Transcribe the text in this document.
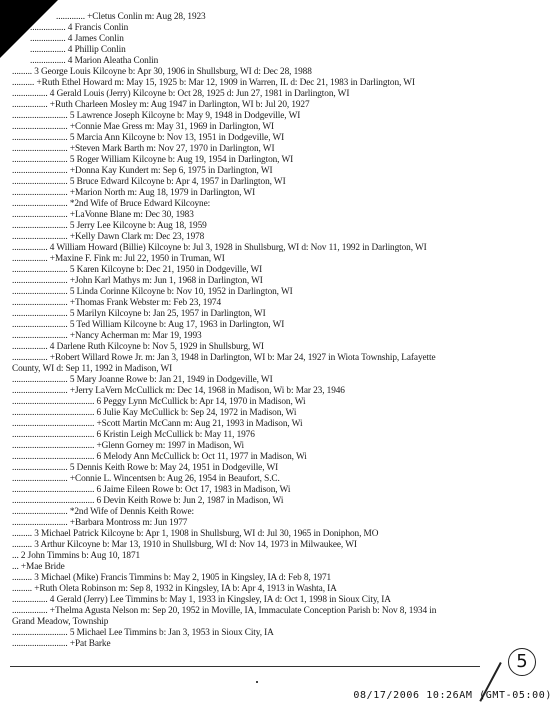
............. +Cletus Conlin m: Aug 28, 1923
................ 4 Francis Conlin
................ 4 James Conlin
................ 4 Phillip Conlin
................ 4 Marion Aleatha Conlin
......... 3 George Louis Kilcoyne b: Apr 30, 1906 in Shullsburg, WI d: Dec 28, 1988
.......... +Ruth Ethel Howard m: May 15, 1925 b: Mar 12, 1909 in Warren, IL d: Dec 21, 1983 in Darlington, WI
................ 4 Gerald Louis (Jerry) Kilcoyne b: Oct 28, 1925 d: Jun 27, 1981 in Darlington, WI
................ +Ruth Charleen Mosley m: Aug 1947 in Darlington, WI b: Jul 20, 1927
......................... 5 Lawrence Joseph Kilcoyne b: May 9, 1948 in Dodgeville, WI
......................... +Connie Mae Gress m: May 31, 1969 in Darlington, WI
......................... 5 Marcia Ann Kilcoyne b: Nov 13, 1951 in Dodgeville, WI
......................... +Steven Mark Barth m: Nov 27, 1970 in Darlington, WI
......................... 5 Roger William Kilcoyne b: Aug 19, 1954 in Darlington, WI
......................... +Donna Kay Kundert m: Sep 6, 1975 in Darlington, WI
......................... 5 Bruce Edward Kilcoyne b: Apr 4, 1957 in Darlington, WI
......................... +Marion North m: Aug 18, 1979 in Darlington, WI
......................... *2nd Wife of Bruce Edward Kilcoyne:
......................... +LaVonne Blane m: Dec 30, 1983
......................... 5 Jerry Lee Kilcoyne b: Aug 18, 1959
......................... +Kelly Dawn Clark m: Dec 23, 1978
................ 4 William Howard (Billie) Kilcoyne b: Jul 3, 1928 in Shullsburg, WI d: Nov 11, 1992 in Darlington, WI
................ +Maxine F. Fink m: Jul 22, 1950 in Truman, WI
......................... 5 Karen Kilcoyne b: Dec 21, 1950 in Dodgeville, WI
......................... +John Karl Mathys m: Jun 1, 1968 in Darlington, WI
......................... 5 Linda Corinne Kilcoyne b: Nov 10, 1952 in Darlington, WI
......................... +Thomas Frank Webster m: Feb 23, 1974
......................... 5 Marilyn Kilcoyne b: Jan 25, 1957 in Darlington, WI
......................... 5 Ted William Kilcoyne b: Aug 17, 1963 in Darlington, WI
......................... +Nancy Acherman m: Mar 19, 1993
................ 4 Darlene Ruth Kilcoyne b: Nov 5, 1929 in Shullsburg, WI
................ +Robert Willard Rowe Jr. m: Jan 3, 1948 in Darlington, WI b: Mar 24, 1927 in Wiota Township, Lafayette
County, WI d: Sep 11, 1992 in Madison, WI
......................... 5 Mary Joanne Rowe b: Jan 21, 1949 in Dodgeville, WI
......................... +Jerry LaVern McCullick m: Dec 14, 1968 in Madison, Wi b: Mar 23, 1946
..................................... 6 Peggy Lynn McCullick b: Apr 14, 1970 in Madison, Wi
..................................... 6 Julie Kay McCullick b: Sep 24, 1972 in Madison, Wi
..................................... +Scott Martin McCann m: Aug 21, 1993 in Madison, Wi
..................................... 6 Kristin Leigh McCullick b: May 11, 1976
..................................... +Glenn Gorney m: 1997 in Madison, Wi
..................................... 6 Melody Ann McCullick b: Oct 11, 1977 in Madison, Wi
......................... 5 Dennis Keith Rowe b: May 24, 1951 in Dodgeville, WI
......................... +Connie L. Wincentsen b: Aug 26, 1954 in Beaufort, S.C.
..................................... 6 Jaime Eileen Rowe b: Oct 17, 1983 in Madison, Wi
..................................... 6 Devin Keith Rowe b: Jun 2, 1987 in Madison, Wi
......................... *2nd Wife of Dennis Keith Rowe:
......................... +Barbara Montross m: Jun 1977
......... 3 Michael Patrick Kilcoyne b: Apr 1, 1908 in Shullsburg, WI d: Jul 30, 1965 in Doniphon, MO
......... 3 Arthur Kilcoyne b: Mar 13, 1910 in Shullsburg, WI d: Nov 14, 1973 in Milwaukee, WI
... 2 John Timmins b: Aug 10, 1871
... +Mae Bride
......... 3 Michael (Mike) Francis Timmins b: May 2, 1905 in Kingsley, IA d: Feb 8, 1971
......... +Ruth Oleta Robinson m: Sep 8, 1932 in Kingsley, IA b: Apr 4, 1913 in Washta, IA
................ 4 Gerald (Jerry) Lee Timmins b: May 1, 1933 in Kingsley, IA d: Oct 1, 1998 in Sioux City, IA
................ +Thelma Agusta Nelson m: Sep 20, 1952 in Moville, IA, Immaculate Conception Parish b: Nov 8, 1934 in
Grand Meadow, Township
......................... 5 Michael Lee Timmins b: Jan 3, 1953 in Sioux City, IA
......................... +Pat Barke
5
08/17/2006 10:26AM (GMT-05:00)
